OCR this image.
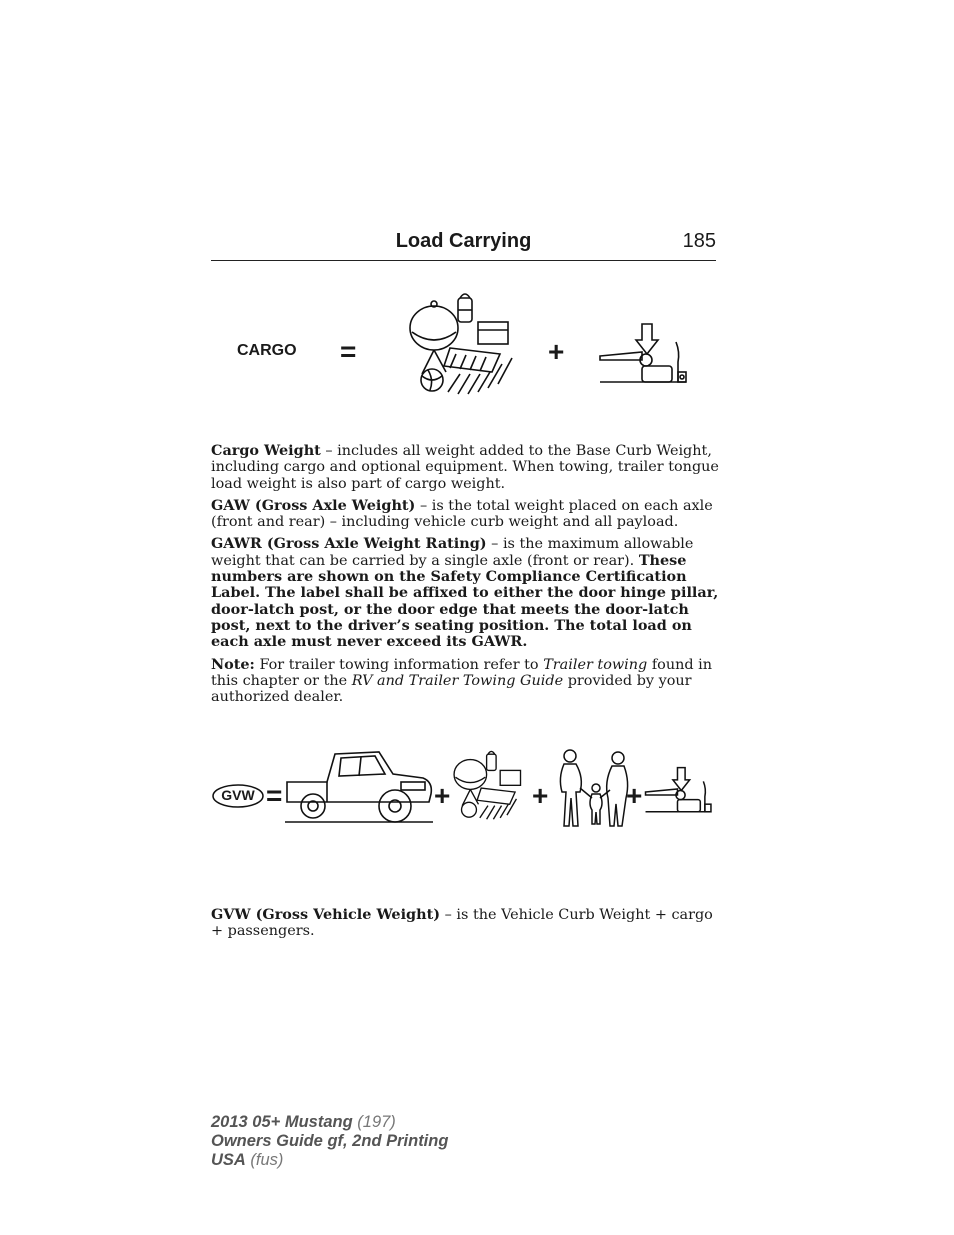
Load Carrying	185
CARGO =	+

Cargo Weight – includes all weight added to the Base Curb Weight, including cargo and optional equipment. When towing, trailer tongue load weight is also part of cargo weight.

GAW (Gross Axle Weight) – is the total weight placed on each axle (front and rear) – including vehicle curb weight and all payload.

GAWR (Gross Axle Weight Rating) – is the maximum allowable weight that can be carried by a single axle (front or rear). These numbers are shown on the Safety Compliance Certification Label. The label shall be affixed to either the door hinge pillar, door-latch post, or the door edge that meets the door-latch post, next to the driver’s seating position. The total load on each axle must never exceed its GAWR.

Note: For trailer towing information refer to Trailer towing found in this chapter or the RV and Trailer Towing Guide provided by your authorized dealer.

GVW =	+	+	+

GVW (Gross Vehicle Weight) – is the Vehicle Curb Weight + cargo + passengers.

2013 05+ Mustang (197)
Owners Guide gf, 2nd Printing
USA (fus)
